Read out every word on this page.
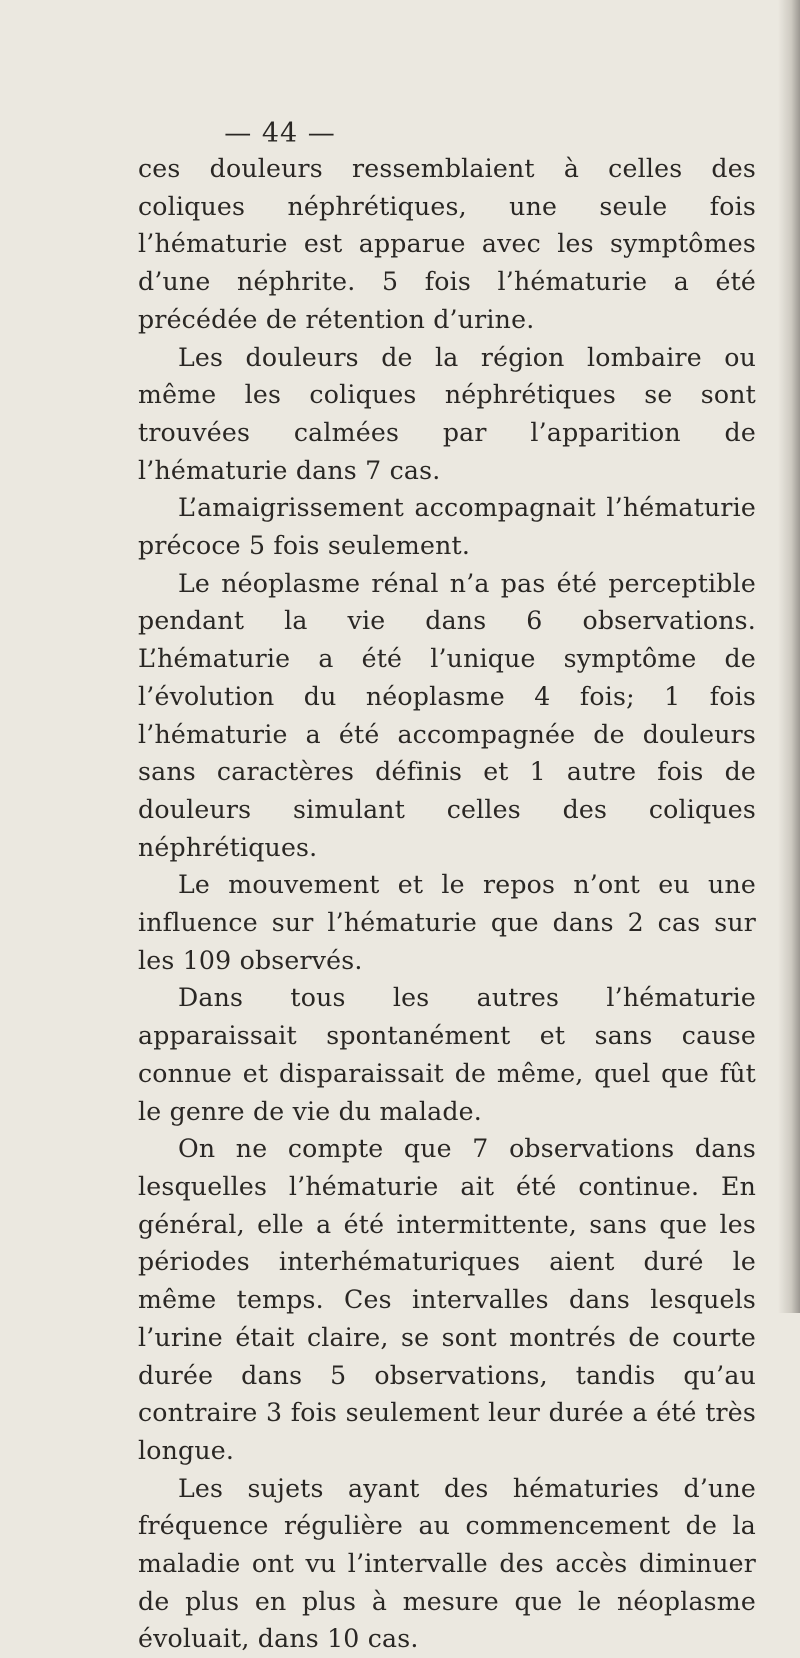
— 44 —

ces douleurs ressemblaient à celles des coliques néphrétiques, une seule fois l’hématurie est apparue avec les symptômes d’une néphrite. 5 fois l’hématurie a été précédée de rétention d’urine.

Les douleurs de la région lombaire ou même les coliques néphrétiques se sont trouvées calmées par l’apparition de l’hématurie dans 7 cas.

L’amaigrissement accompagnait l’hématurie précoce 5 fois seulement.

Le néoplasme rénal n’a pas été perceptible pendant la vie dans 6 observations. L’hématurie a été l’unique symptôme de l’évolution du néoplasme 4 fois; 1 fois l’hématurie a été accompagnée de douleurs sans caractères définis et 1 autre fois de douleurs simulant celles des coliques néphrétiques.

Le mouvement et le repos n’ont eu une influence sur l’hématurie que dans 2 cas sur les 109 observés.

Dans tous les autres l’hématurie apparaissait spontanément et sans cause connue et disparaissait de même, quel que fût le genre de vie du malade.

On ne compte que 7 observations dans lesquelles l’hématurie ait été continue. En général, elle a été intermittente, sans que les périodes interhématuriques aient duré le même temps. Ces intervalles dans lesquels l’urine était claire, se sont montrés de courte durée dans 5 observations, tandis qu’au contraire 3 fois seulement leur durée a été très longue.

Les sujets ayant des hématuries d’une fréquence régulière au commencement de la maladie ont vu l’intervalle des accès diminuer de plus en plus à mesure que le néoplasme évoluait, dans 10 cas.
